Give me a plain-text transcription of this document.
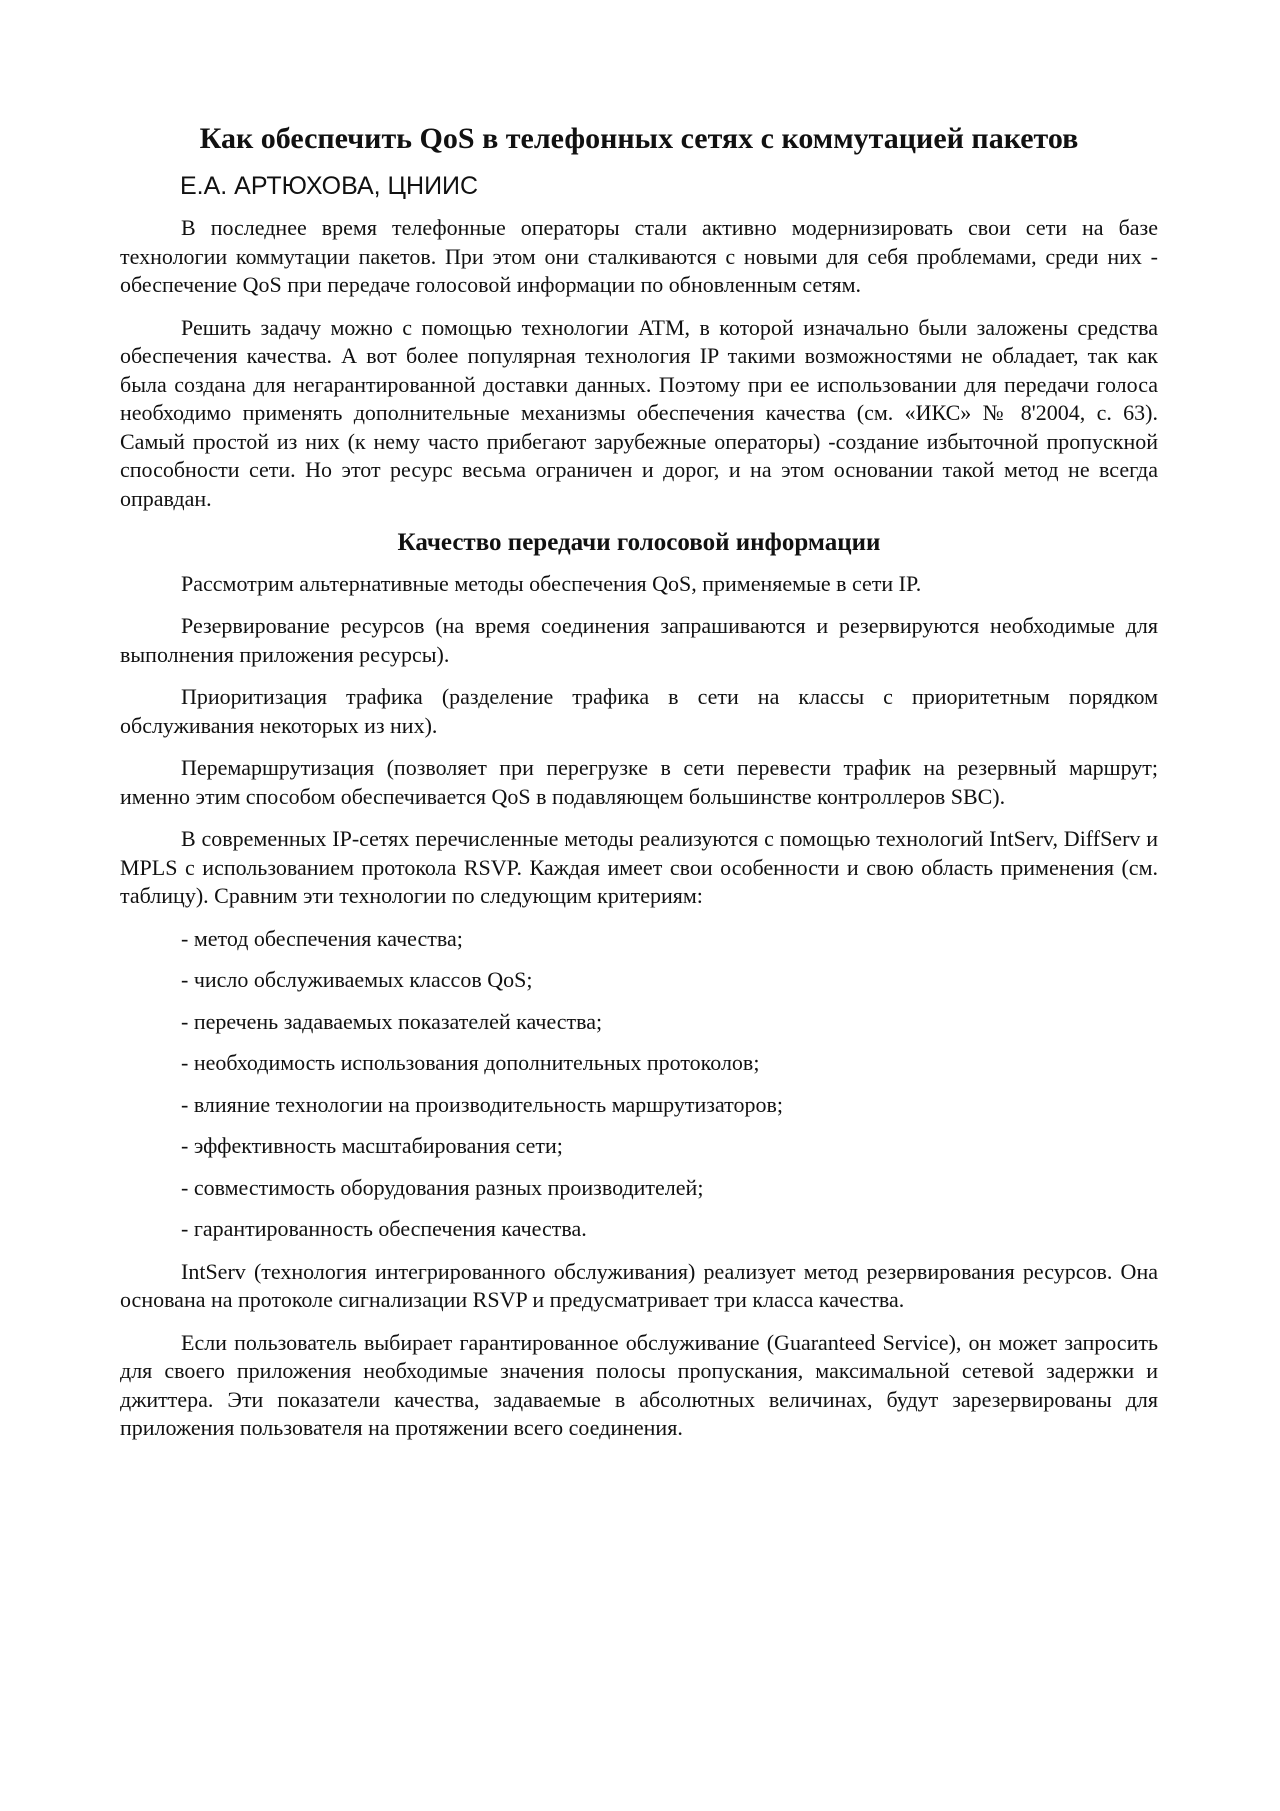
Как обеспечить QoS в телефонных сетях с коммутацией пакетов
Е.А. АРТЮХОВА, ЦНИИС

В последнее время телефонные операторы стали активно модернизировать свои сети на базе технологии коммутации пакетов. При этом они сталкиваются с новыми для себя проблемами, среди них - обеспечение QoS при передаче голосовой информации по обновленным сетям.

Решить задачу можно с помощью технологии ATM, в которой изначально были заложены средства обеспечения качества. А вот более популярная технология IP такими возможностями не обладает, так как была создана для негарантированной доставки данных. Поэтому при ее использовании для передачи голоса необходимо применять дополнительные механизмы обеспечения качества (см. «ИКС» № 8'2004, с. 63). Самый простой из них (к нему часто прибегают зарубежные операторы) -создание избыточной пропускной способности сети. Но этот ресурс весьма ограничен и дорог, и на этом основании такой метод не всегда оправдан.

Качество передачи голосовой информации

Рассмотрим альтернативные методы обеспечения QoS, применяемые в сети IP.

Резервирование ресурсов (на время соединения запрашиваются и резервируются необходимые для выполнения приложения ресурсы).

Приоритизация трафика (разделение трафика в сети на классы с приоритетным порядком обслуживания некоторых из них).

Перемаршрутизация (позволяет при перегрузке в сети перевести трафик на резервный маршрут; именно этим способом обеспечивается QoS в подавляющем большинстве контроллеров SBC).

В современных IP-сетях перечисленные методы реализуются с помощью технологий IntServ, DiffServ и MPLS с использованием протокола RSVP. Каждая имеет свои особенности и свою область применения (см. таблицу). Сравним эти технологии по следующим критериям:

- метод обеспечения качества;
- число обслуживаемых классов QoS;
- перечень задаваемых показателей качества;
- необходимость использования дополнительных протоколов;
- влияние технологии на производительность маршрутизаторов;
- эффективность масштабирования сети;
- совместимость оборудования разных производителей;
- гарантированность обеспечения качества.

IntServ (технология интегрированного обслуживания) реализует метод резервирования ресурсов. Она основана на протоколе сигнализации RSVP и предусматривает три класса качества.

Если пользователь выбирает гарантированное обслуживание (Guaranteed Service), он может запросить для своего приложения необходимые значения полосы пропускания, максимальной сетевой задержки и джиттера. Эти показатели качества, задаваемые в абсолютных величинах, будут зарезервированы для приложения пользователя на протяжении всего соединения.
